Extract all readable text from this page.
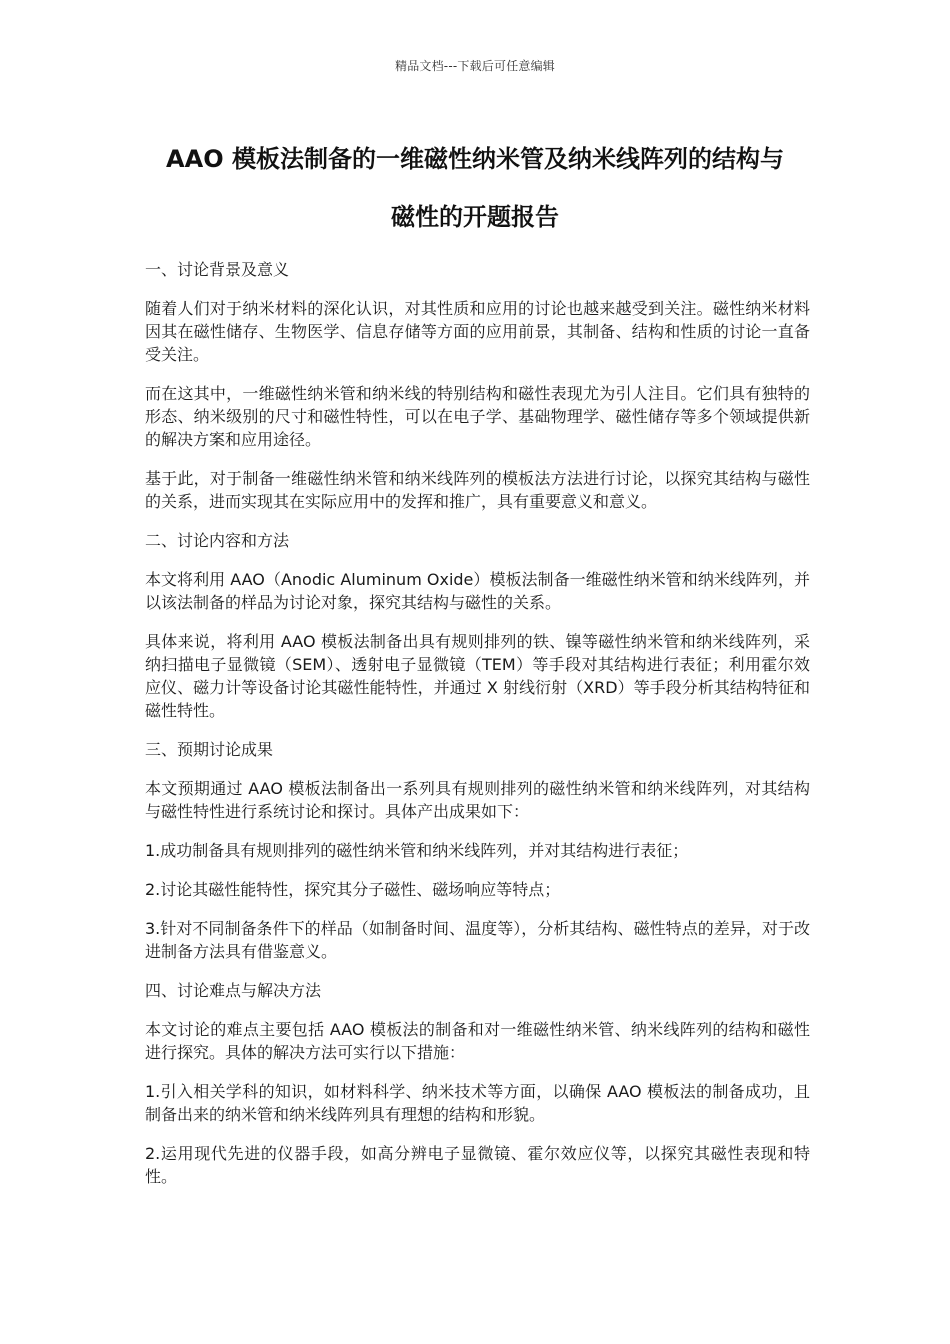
精品文档---下载后可任意编辑
AAO 模板法制备的一维磁性纳米管及纳米线阵列的结构与
磁性的开题报告

一、讨论背景及意义

随着人们对于纳米材料的深化认识，对其性质和应用的讨论也越来越受到关注。磁性纳米材料因其在磁性储存、生物医学、信息存储等方面的应用前景，其制备、结构和性质的讨论一直备受关注。

而在这其中，一维磁性纳米管和纳米线的特别结构和磁性表现尤为引人注目。它们具有独特的形态、纳米级别的尺寸和磁性特性，可以在电子学、基础物理学、磁性储存等多个领域提供新的解决方案和应用途径。

基于此，对于制备一维磁性纳米管和纳米线阵列的模板法方法进行讨论，以探究其结构与磁性的关系，进而实现其在实际应用中的发挥和推广，具有重要意义和意义。

二、讨论内容和方法

本文将利用 AAO（Anodic Aluminum Oxide）模板法制备一维磁性纳米管和纳米线阵列，并以该法制备的样品为讨论对象，探究其结构与磁性的关系。

具体来说，将利用 AAO 模板法制备出具有规则排列的铁、镍等磁性纳米管和纳米线阵列，采纳扫描电子显微镜（SEM）、透射电子显微镜（TEM）等手段对其结构进行表征；利用霍尔效应仪、磁力计等设备讨论其磁性能特性，并通过 X 射线衍射（XRD）等手段分析其结构特征和磁性特性。

三、预期讨论成果

本文预期通过 AAO 模板法制备出一系列具有规则排列的磁性纳米管和纳米线阵列，对其结构与磁性特性进行系统讨论和探讨。具体产出成果如下：

1.成功制备具有规则排列的磁性纳米管和纳米线阵列，并对其结构进行表征；

2.讨论其磁性能特性，探究其分子磁性、磁场响应等特点；

3.针对不同制备条件下的样品（如制备时间、温度等），分析其结构、磁性特点的差异，对于改进制备方法具有借鉴意义。

四、讨论难点与解决方法

本文讨论的难点主要包括 AAO 模板法的制备和对一维磁性纳米管、纳米线阵列的结构和磁性进行探究。具体的解决方法可实行以下措施：

1.引入相关学科的知识，如材料科学、纳米技术等方面，以确保 AAO 模板法的制备成功，且制备出来的纳米管和纳米线阵列具有理想的结构和形貌。

2.运用现代先进的仪器手段，如高分辨电子显微镜、霍尔效应仪等，以探究其磁性表现和特性。
